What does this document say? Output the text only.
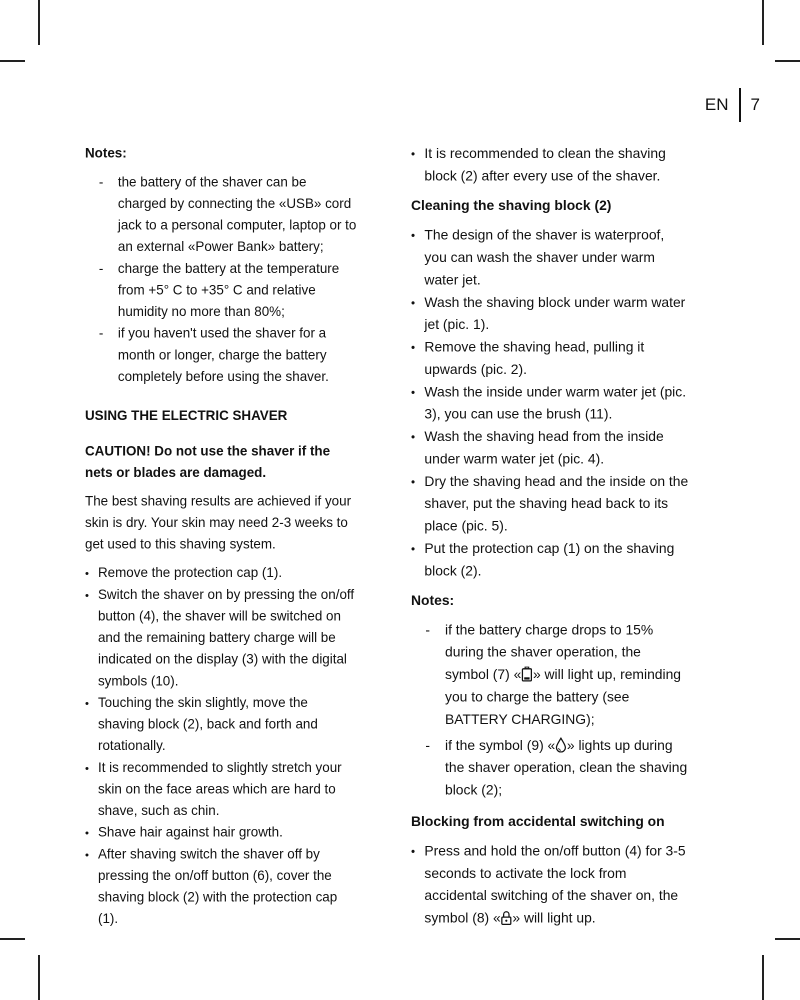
EN	7

Notes:

- the battery of the shaver can be charged by connecting the «USB» cord jack to a personal computer, laptop or to an external «Power Bank» battery;
- charge the battery at the temperature from +5° C to +35° C and relative humidity no more than 80%;
- if you haven't used the shaver for a month or longer, charge the battery completely before using the shaver.

USING THE ELECTRIC SHAVER

CAUTION! Do not use the shaver if the nets or blades are damaged.

The best shaving results are achieved if your skin is dry. Your skin may need 2-3 weeks to get used to this shaving system.

• Remove the protection cap (1).
• Switch the shaver on by pressing the on/off button (4), the shaver will be switched on and the remaining battery charge will be indicated on the display (3) with the digital symbols (10).
• Touching the skin slightly, move the shaving block (2), back and forth and rotationally.
• It is recommended to slightly stretch your skin on the face areas which are hard to shave, such as chin.
• Shave hair against hair growth.
• After shaving switch the shaver off by pressing the on/off button (6), cover the shaving block (2) with the protection cap (1).
• It is recommended to clean the shaving block (2) after every use of the shaver.

Cleaning the shaving block (2)

• The design of the shaver is waterproof, you can wash the shaver under warm water jet.
• Wash the shaving block under warm water jet (pic. 1).
• Remove the shaving head, pulling it upwards (pic. 2).
• Wash the inside under warm water jet (pic. 3), you can use the brush (11).
• Wash the shaving head from the inside under warm water jet (pic. 4).
• Dry the shaving head and the inside on the shaver, put the shaving head back to its place (pic. 5).
• Put the protection cap (1) on the shaving block (2).

Notes:

- if the battery charge drops to 15% during the shaver operation, the symbol (7) « » will light up, reminding you to charge the battery (see BATTERY CHARGING);
- if the symbol (9) « » lights up during the shaver operation, clean the shaving block (2);

Blocking from accidental switching on

• Press and hold the on/off button (4) for 3-5 seconds to activate the lock from accidental switching of the shaver on, the symbol (8) « » will light up.
